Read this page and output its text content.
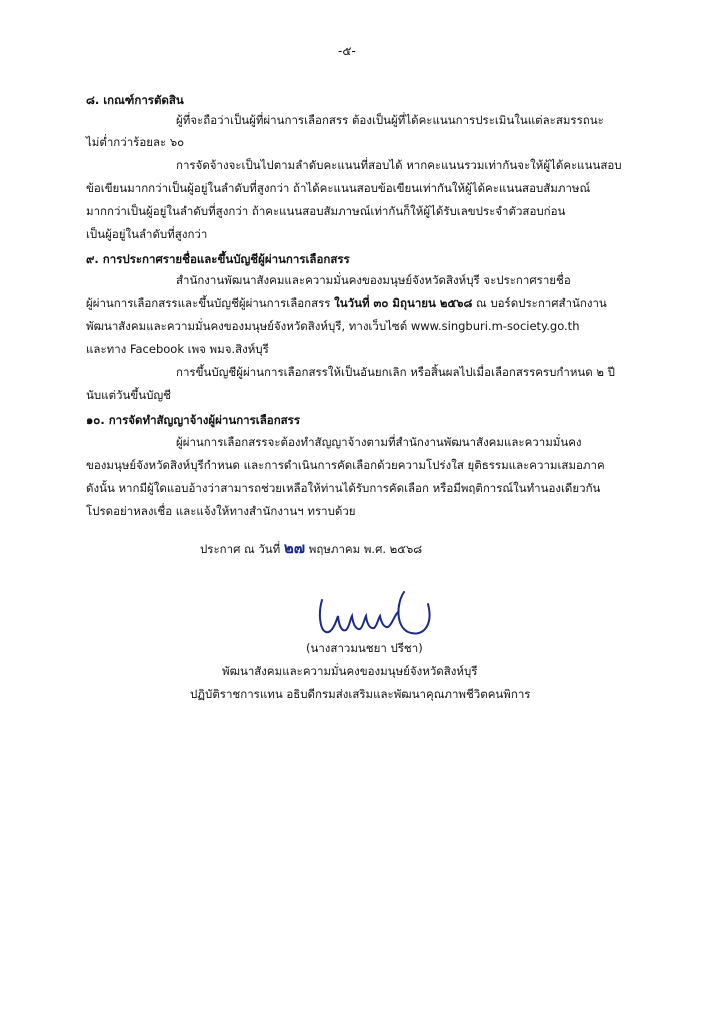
-๕-
๘. เกณฑ์การตัดสิน
ผู้ที่จะถือว่าเป็นผู้ที่ผ่านการเลือกสรร ต้องเป็นผู้ที่ได้คะแนนการประเมินในแต่ละสมรรถนะ
ไม่ต่ำกว่าร้อยละ ๖๐
การจัดจ้างจะเป็นไปตามลำดับคะแนนที่สอบได้ หากคะแนนรวมเท่ากันจะให้ผู้ได้คะแนนสอบ
ข้อเขียนมากกว่าเป็นผู้อยู่ในลำดับที่สูงกว่า ถ้าได้คะแนนสอบข้อเขียนเท่ากันให้ผู้ได้คะแนนสอบสัมภาษณ์
มากกว่าเป็นผู้อยู่ในลำดับที่สูงกว่า ถ้าคะแนนสอบสัมภาษณ์เท่ากันก็ให้ผู้ได้รับเลขประจำตัวสอบก่อน
เป็นผู้อยู่ในลำดับที่สูงกว่า
๙. การประกาศรายชื่อและขึ้นบัญชีผู้ผ่านการเลือกสรร
สำนักงานพัฒนาสังคมและความมั่นคงของมนุษย์จังหวัดสิงห์บุรี จะประกาศรายชื่อ
ผู้ผ่านการเลือกสรรและขึ้นบัญชีผู้ผ่านการเลือกสรร ในวันที่ ๓๐ มิถุนายน ๒๕๖๘ ณ บอร์ดประกาศสำนักงาน
พัฒนาสังคมและความมั่นคงของมนุษย์จังหวัดสิงห์บุรี, ทางเว็บไซต์ www.singburi.m-society.go.th
และทาง Facebook เพจ พมจ.สิงห์บุรี
การขึ้นบัญชีผู้ผ่านการเลือกสรรให้เป็นอันยกเลิก หรือสิ้นผลไปเมื่อเลือกสรรครบกำหนด ๒ ปี
นับแต่วันขึ้นบัญชี
๑๐. การจัดทำสัญญาจ้างผู้ผ่านการเลือกสรร
ผู้ผ่านการเลือกสรรจะต้องทำสัญญาจ้างตามที่สำนักงานพัฒนาสังคมและความมั่นคง
ของมนุษย์จังหวัดสิงห์บุรีกำหนด และการดำเนินการคัดเลือกด้วยความโปร่งใส ยุติธรรมและความเสมอภาค
ดังนั้น หากมีผู้ใดแอบอ้างว่าสามารถช่วยเหลือให้ท่านได้รับการคัดเลือก หรือมีพฤติการณ์ในทำนองเดียวกัน
โปรดอย่าหลงเชื่อ และแจ้งให้ทางสำนักงานฯ ทราบด้วย
ประกาศ ณ วันที่ ๒๗ พฤษภาคม พ.ศ. ๒๕๖๘
(นางสาวมนชยา ปรีชา)
พัฒนาสังคมและความมั่นคงของมนุษย์จังหวัดสิงห์บุรี
ปฏิบัติราชการแทน อธิบดีกรมส่งเสริมและพัฒนาคุณภาพชีวิตคนพิการ
